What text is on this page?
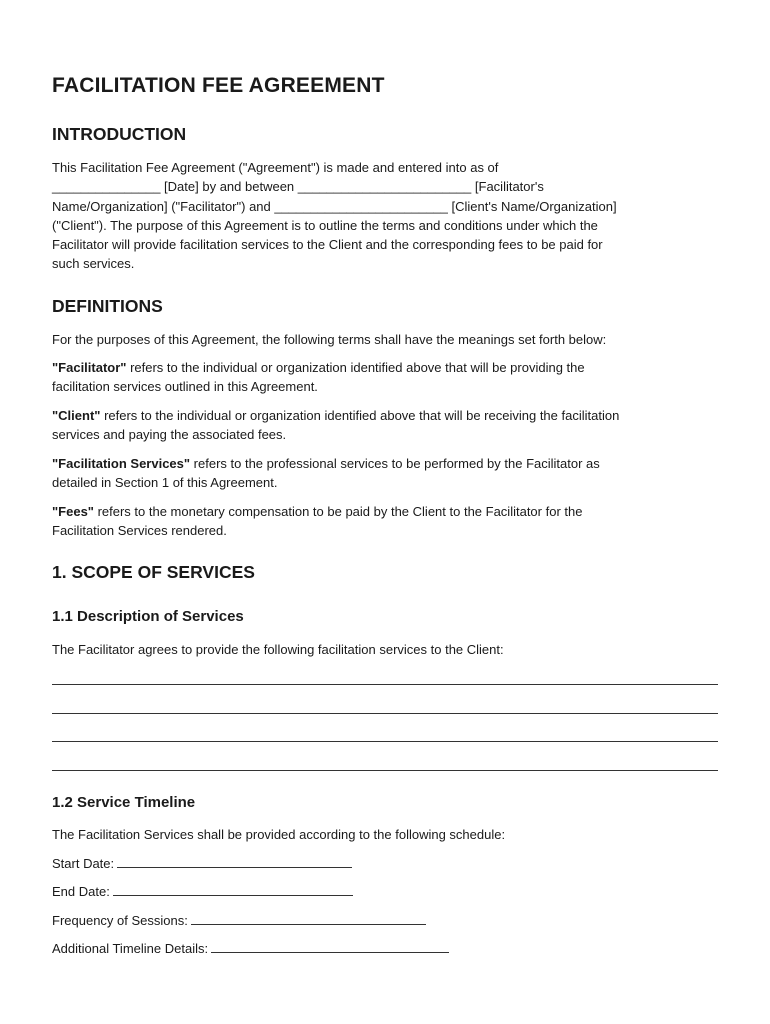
FACILITATION FEE AGREEMENT
INTRODUCTION
This Facilitation Fee Agreement ("Agreement") is made and entered into as of
_______________ [Date] by and between ________________________ [Facilitator's
Name/Organization] ("Facilitator") and ________________________ [Client's Name/Organization]
("Client"). The purpose of this Agreement is to outline the terms and conditions under which the
Facilitator will provide facilitation services to the Client and the corresponding fees to be paid for
such services.
DEFINITIONS
For the purposes of this Agreement, the following terms shall have the meanings set forth below:
"Facilitator" refers to the individual or organization identified above that will be providing the
facilitation services outlined in this Agreement.
"Client" refers to the individual or organization identified above that will be receiving the facilitation
services and paying the associated fees.
"Facilitation Services" refers to the professional services to be performed by the Facilitator as
detailed in Section 1 of this Agreement.
"Fees" refers to the monetary compensation to be paid by the Client to the Facilitator for the
Facilitation Services rendered.
1. SCOPE OF SERVICES
1.1 Description of Services
The Facilitator agrees to provide the following facilitation services to the Client:
1.2 Service Timeline
The Facilitation Services shall be provided according to the following schedule:
Start Date:
End Date:
Frequency of Sessions:
Additional Timeline Details:
